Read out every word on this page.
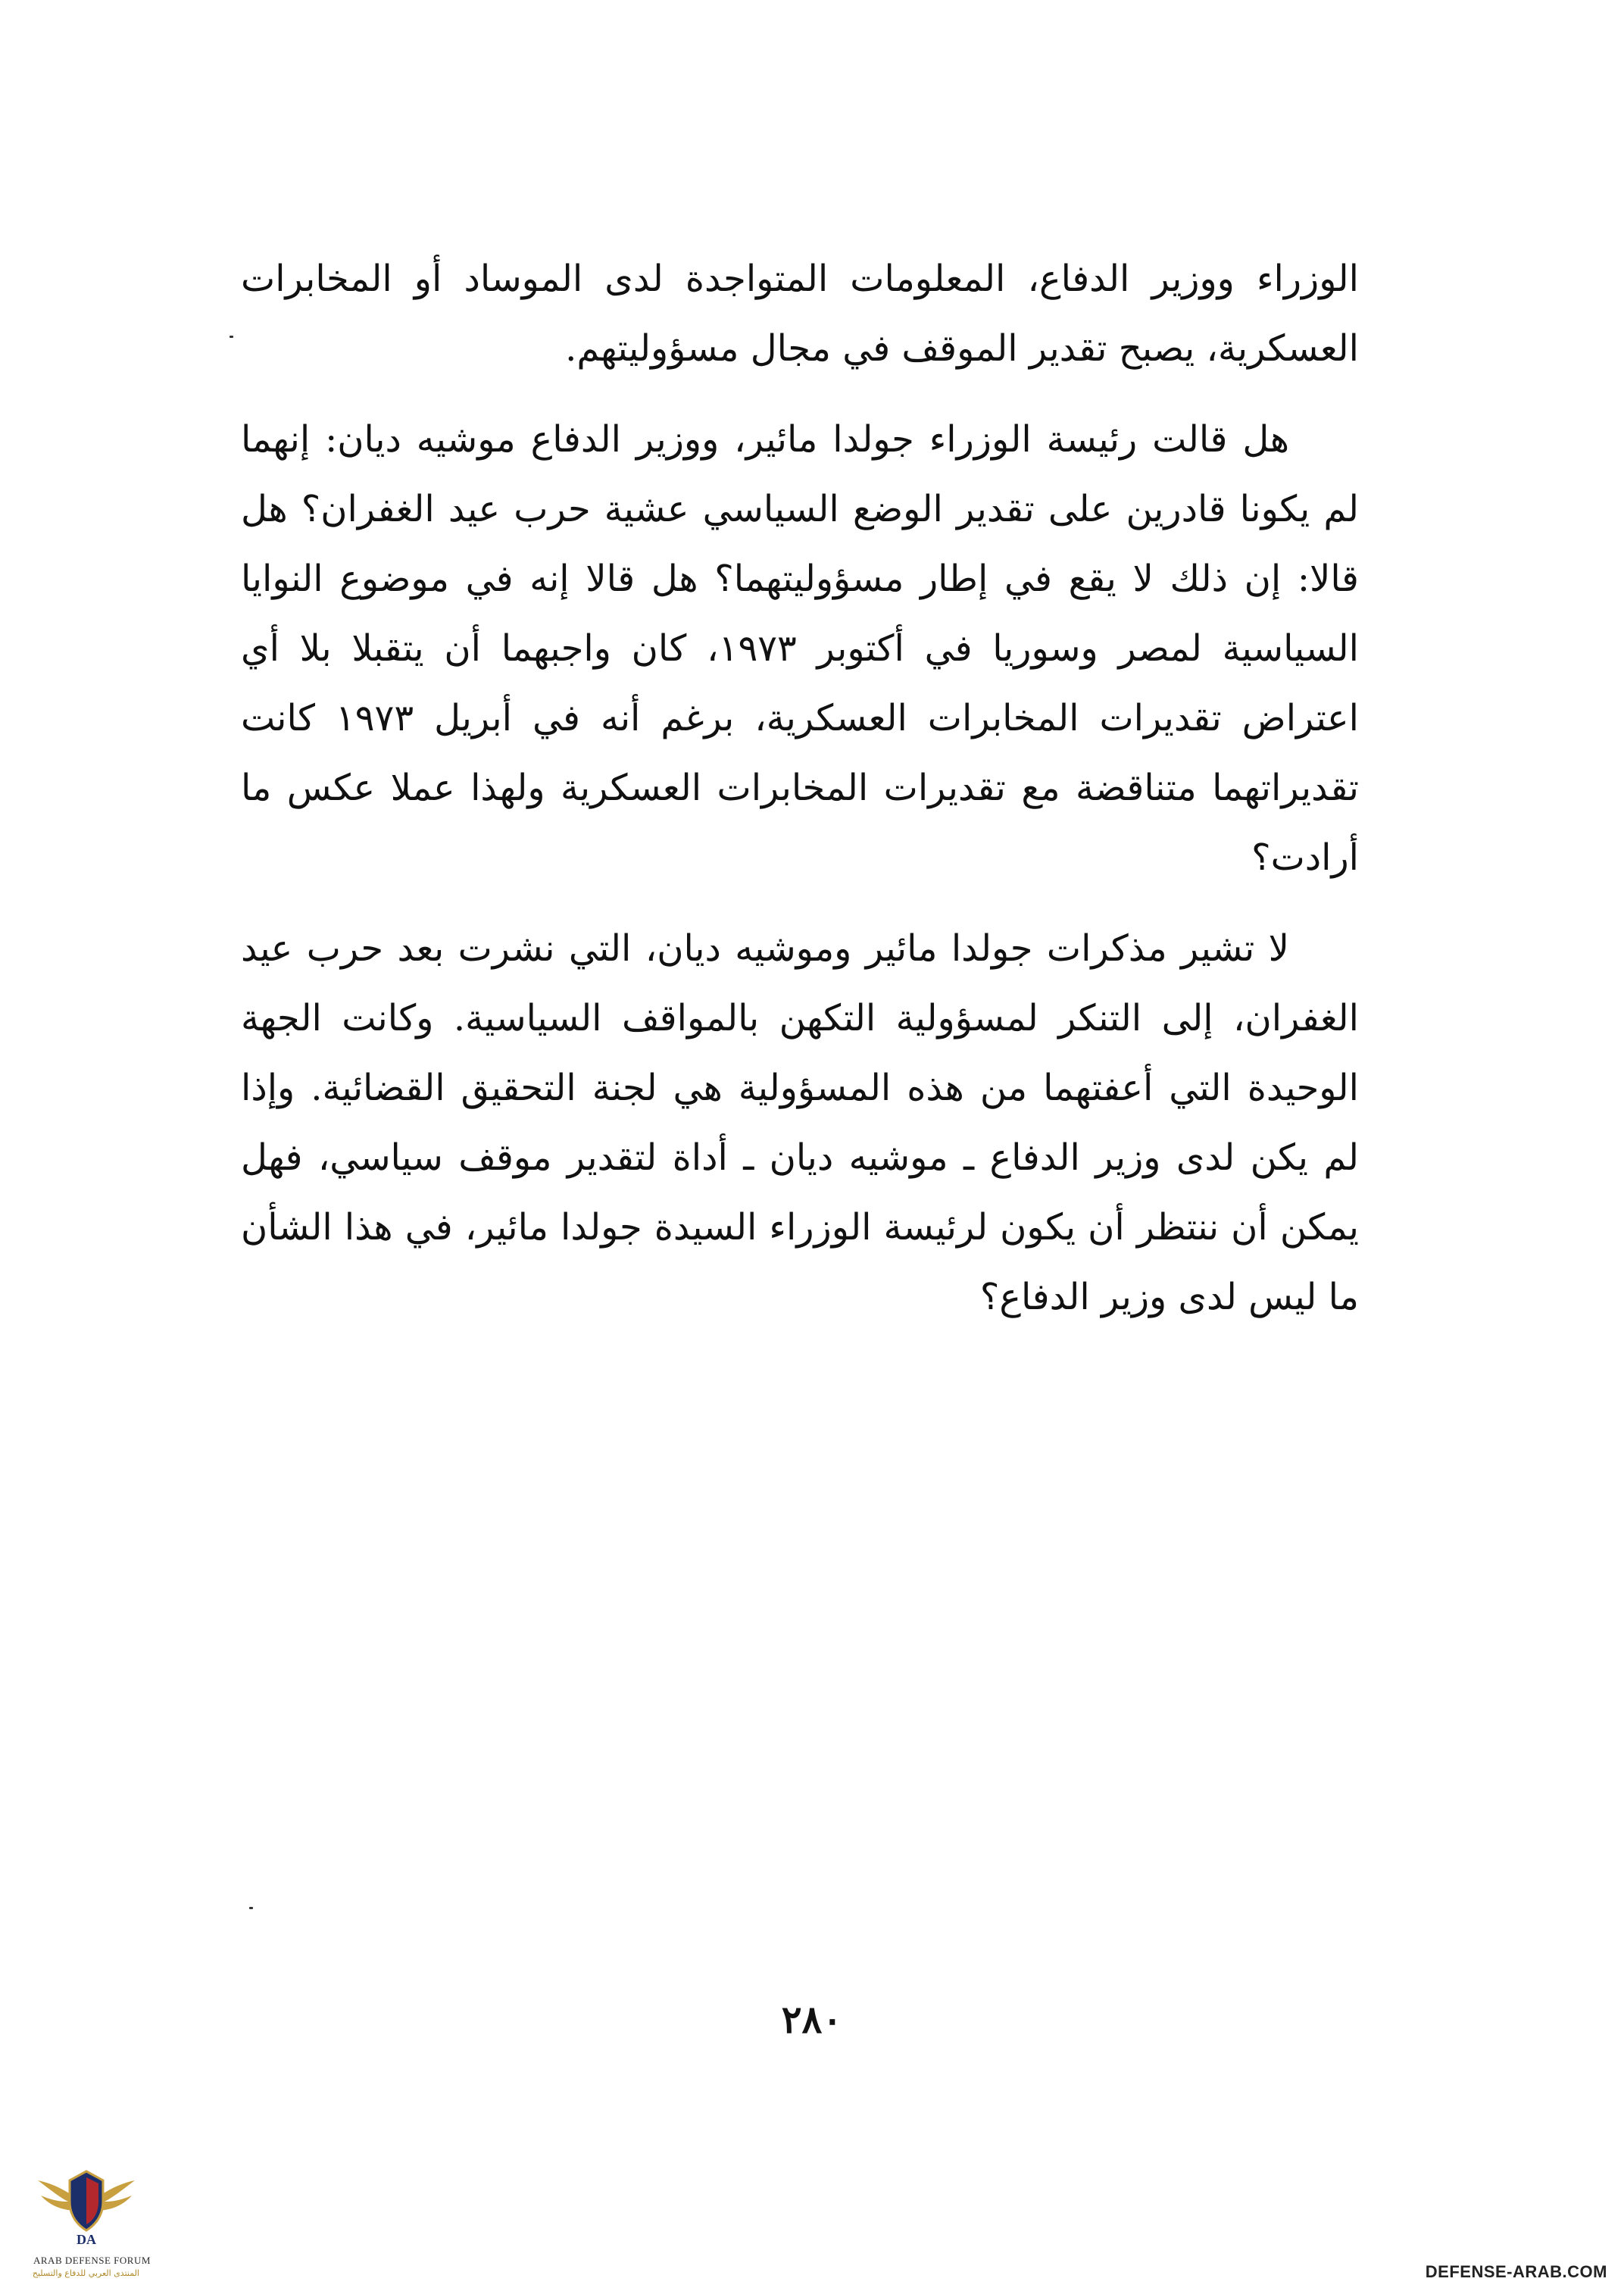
الوزراء ووزير الدفاع، المعلومات المتواجدة لدى الموساد أو المخابرات العسكرية، يصبح تقدير الموقف في مجال مسؤوليتهم.

هل قالت رئيسة الوزراء جولدا مائير، ووزير الدفاع موشيه ديان: إنهما لم يكونا قادرين على تقدير الوضع السياسي عشية حرب عيد الغفران؟ هل قالا: إن ذلك لا يقع في إطار مسؤوليتهما؟ هل قالا إنه في موضوع النوايا السياسية لمصر وسوريا في أكتوبر ١٩٧٣، كان واجبهما أن يتقبلا بلا أي اعتراض تقديرات المخابرات العسكرية، برغم أنه في أبريل ١٩٧٣ كانت تقديراتهما متناقضة مع تقديرات المخابرات العسكرية ولهذا عملا عكس ما أرادت؟

لا تشير مذكرات جولدا مائير وموشيه ديان، التي نشرت بعد حرب عيد الغفران، إلى التنكر لمسؤولية التكهن بالمواقف السياسية. وكانت الجهة الوحيدة التي أعفتهما من هذه المسؤولية هي لجنة التحقيق القضائية. وإذا لم يكن لدى وزير الدفاع ـ موشيه ديان ـ أداة لتقدير موقف سياسي، فهل يمكن أن ننتظر أن يكون لرئيسة الوزراء السيدة جولدا مائير، في هذا الشأن ما ليس لدى وزير الدفاع؟

٢٨٠
DA
ARAB DEFENSE FORUM
المنتدى العربي للدفاع والتسليح	DEFENSE-ARAB.COM
